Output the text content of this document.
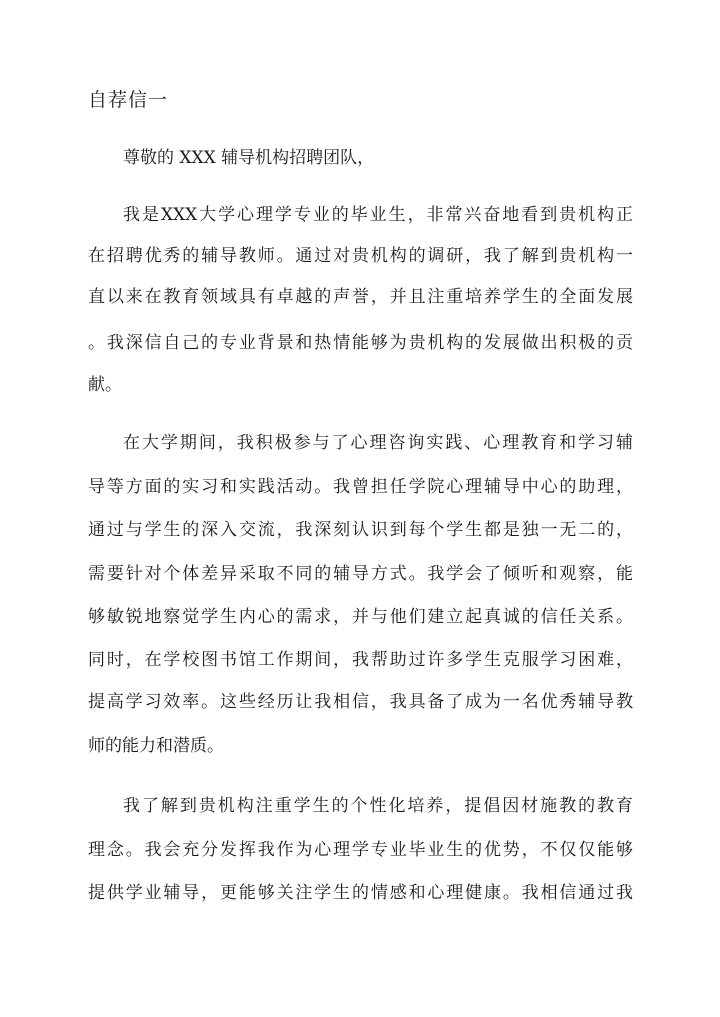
自荐信一

尊敬的 XXX 辅导机构招聘团队，

我是XXX大学心理学专业的毕业生，非常兴奋地看到贵机构正

在招聘优秀的辅导教师。通过对贵机构的调研，我了解到贵机构一

直以来在教育领域具有卓越的声誉，并且注重培养学生的全面发展

。我深信自己的专业背景和热情能够为贵机构的发展做出积极的贡

献。

在大学期间，我积极参与了心理咨询实践、心理教育和学习辅

导等方面的实习和实践活动。我曾担任学院心理辅导中心的助理，

通过与学生的深入交流，我深刻认识到每个学生都是独一无二的，

需要针对个体差异采取不同的辅导方式。我学会了倾听和观察，能

够敏锐地察觉学生内心的需求，并与他们建立起真诚的信任关系。

同时，在学校图书馆工作期间，我帮助过许多学生克服学习困难，

提高学习效率。这些经历让我相信，我具备了成为一名优秀辅导教

师的能力和潜质。

我了解到贵机构注重学生的个性化培养，提倡因材施教的教育

理念。我会充分发挥我作为心理学专业毕业生的优势，不仅仅能够

提供学业辅导，更能够关注学生的情感和心理健康。我相信通过我
